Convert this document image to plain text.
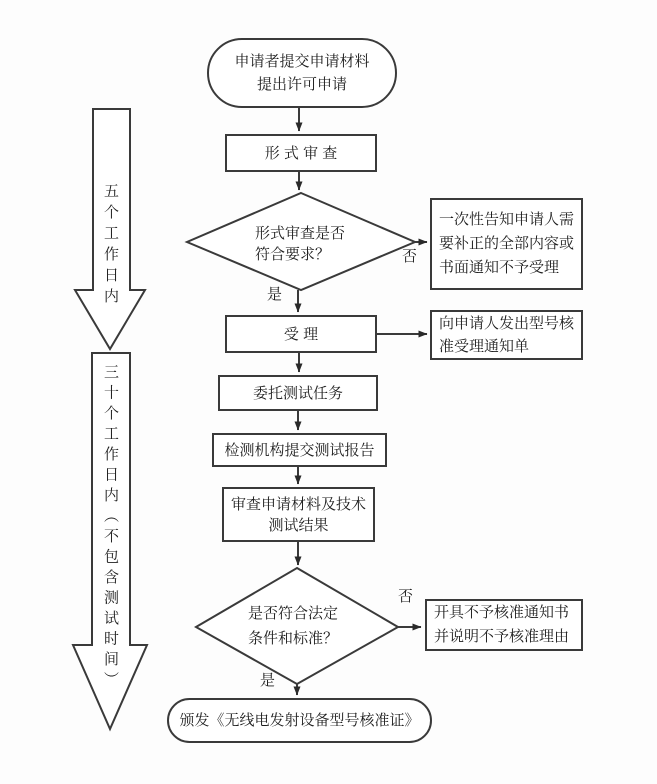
五个工作日内
三十个工作日内（不包含测试时间）
申请者提交申请材料
提出许可申请
形 式 审 查
形式审查是否
符合要求？
一次性告知申请人需
要补正的全部内容或
书面通知不予受理
受 理
向申请人发出型号核
准受理通知单
委托测试任务
检测机构提交测试报告
审查申请材料及技术
测试结果
是否符合法定
条件和标准？
开具不予核准通知书
并说明不予核准理由
颁发《无线电发射设备型号核准证》
否
是
否
是
